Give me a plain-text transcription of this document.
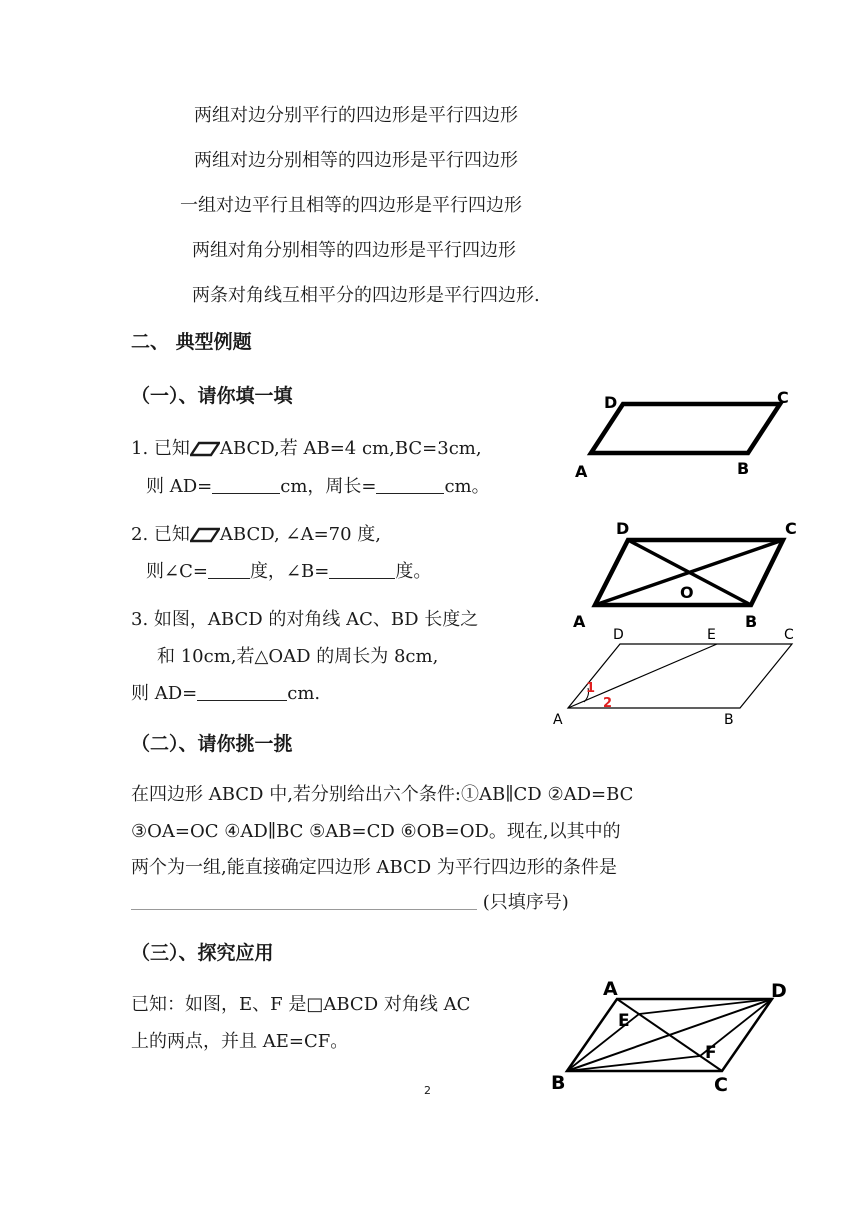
两组对边分别平行的四边形是平行四边形
两组对边分别相等的四边形是平行四边形
一组对边平行且相等的四边形是平行四边形
两组对角分别相等的四边形是平行四边形
两条对角线互相平分的四边形是平行四边形.
二、 典型例题
（一）、请你填一填
1. 已知 ABCD,若 AB=4 cm,BC=3cm,
则 AD=	cm，周长=	cm。
2. 已知 ABCD, ∠A=70 度,
则∠C= 度，∠B=	度。
3. 如图，ABCD 的对角线 AC、BD 长度之
和 10cm,若△OAD 的周长为 8cm,
则 AD=	cm.
（二）、请你挑一挑
在四边形 ABCD 中,若分别给出六个条件:①AB∥CD ②AD=BC
③OA=OC ④AD∥BC ⑤AB=CD ⑥OB=OD。现在,以其中的
两个为一组,能直接确定四边形 ABCD 为平行四边形的条件是
(只填序号)
（三）、探究应用
已知：如图，E、F 是□ABCD 对角线 AC
上的两点，并且 AE=CF。
D	C
A	B
D	C
O
A	B
D	E	C
A	B
1
2
A	D
E
F
B	C
2
